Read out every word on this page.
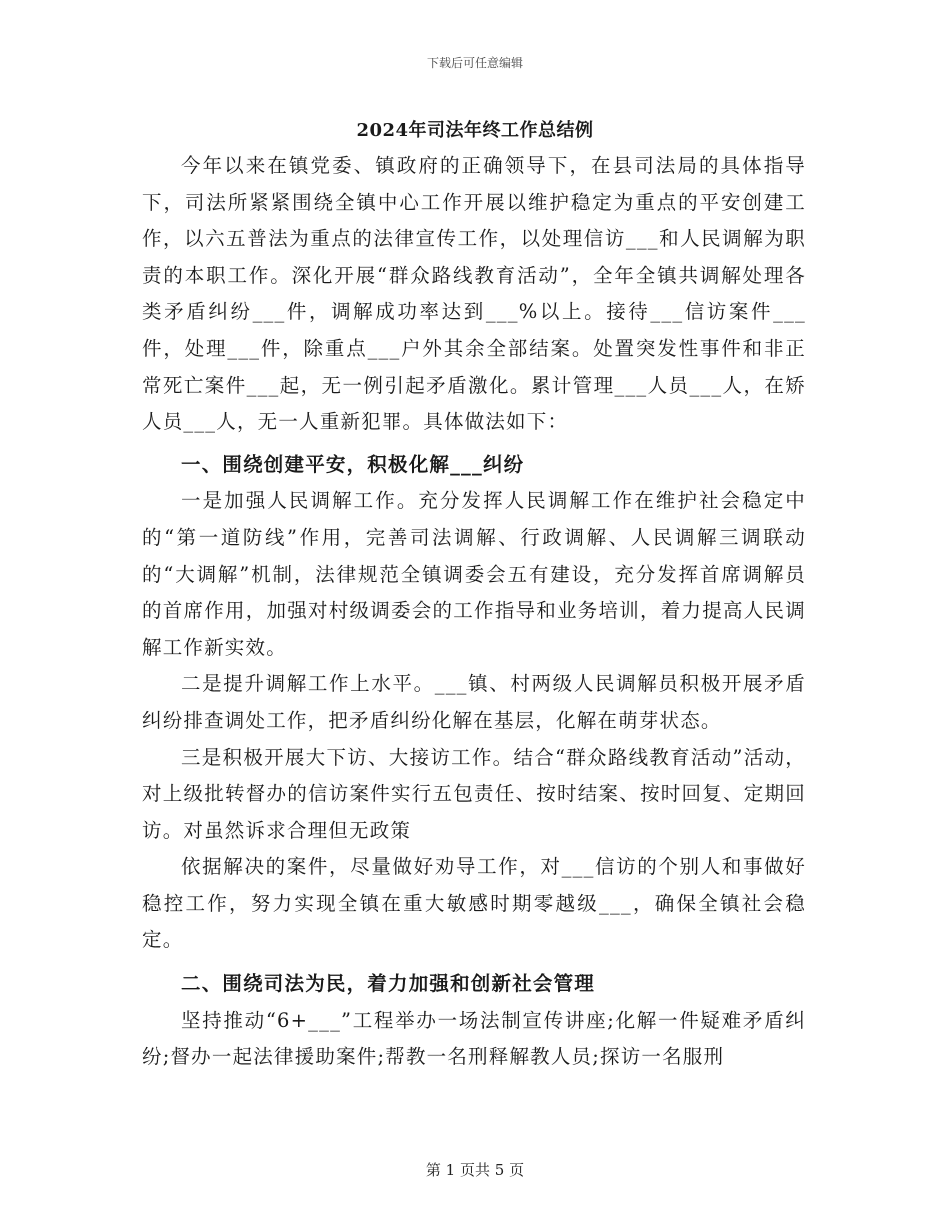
下载后可任意编辑
2024年司法年终工作总结例

今年以来在镇党委、镇政府的正确领导下，在县司法局的具体指导下，司法所紧紧围绕全镇中心工作开展以维护稳定为重点的平安创建工作，以六五普法为重点的法律宣传工作，以处理信访___和人民调解为职责的本职工作。深化开展“群众路线教育活动”，全年全镇共调解处理各类矛盾纠纷___件，调解成功率达到___%以上。接待___信访案件___件，处理___件，除重点___户外其余全部结案。处置突发性事件和非正常死亡案件___起，无一例引起矛盾激化。累计管理___人员___人，在矫人员___人，无一人重新犯罪。具体做法如下：

一、围绕创建平安，积极化解___纠纷

一是加强人民调解工作。充分发挥人民调解工作在维护社会稳定中的“第一道防线”作用，完善司法调解、行政调解、人民调解三调联动的“大调解”机制，法律规范全镇调委会五有建设，充分发挥首席调解员的首席作用，加强对村级调委会的工作指导和业务培训，着力提高人民调解工作新实效。

二是提升调解工作上水平。___镇、村两级人民调解员积极开展矛盾纠纷排查调处工作，把矛盾纠纷化解在基层，化解在萌芽状态。

三是积极开展大下访、大接访工作。结合“群众路线教育活动”活动，对上级批转督办的信访案件实行五包责任、按时结案、按时回复、定期回访。对虽然诉求合理但无政策

依据解决的案件，尽量做好劝导工作，对___信访的个别人和事做好稳控工作，努力实现全镇在重大敏感时期零越级___，确保全镇社会稳定。

二、围绕司法为民，着力加强和创新社会管理

坚持推动“6+___”工程举办一场法制宣传讲座;化解一件疑难矛盾纠纷;督办一起法律援助案件;帮教一名刑释解教人员;探访一名服刑

第 1 页共 5 页
